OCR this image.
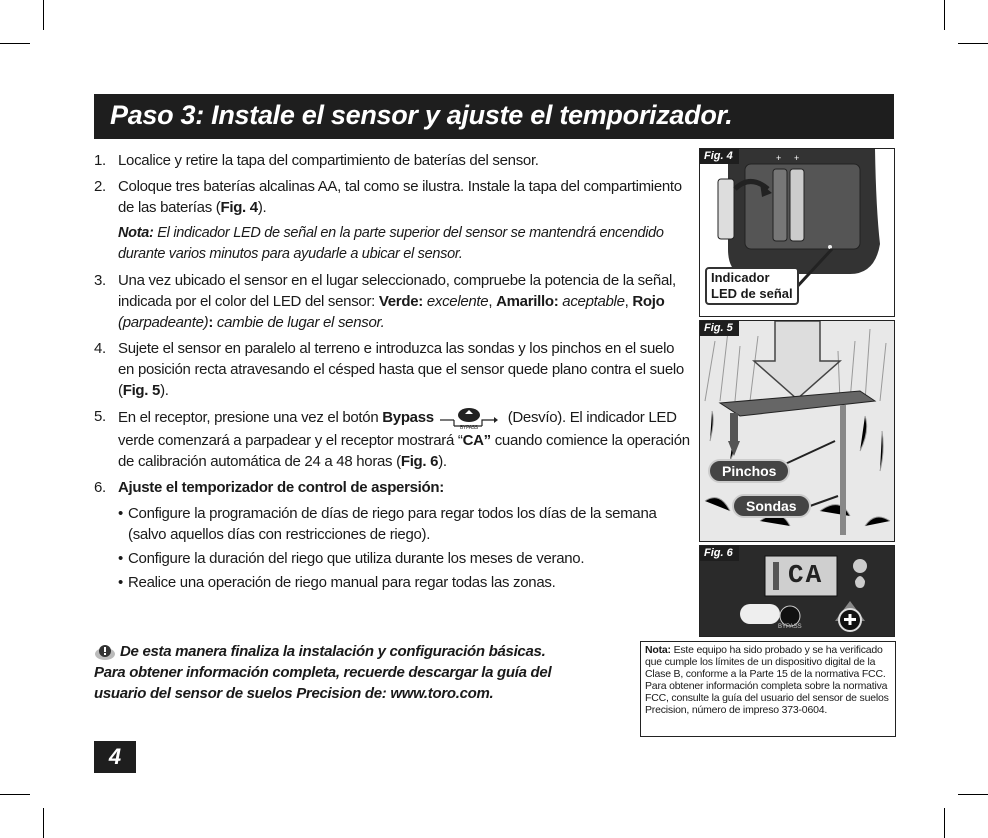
Paso 3: Instale el sensor y ajuste el temporizador.
1. Localice y retire la tapa del compartimiento de baterías del sensor.
2. Coloque tres baterías alcalinas AA, tal como se ilustra. Instale la tapa del compartimiento de las baterías (Fig. 4).
Nota: El indicador LED de señal en la parte superior del sensor se mantendrá encendido durante varios minutos para ayudarle a ubicar el sensor.
3. Una vez ubicado el sensor en el lugar seleccionado, compruebe la potencia de la señal, indicada por el color del LED del sensor: Verde: excelente, Amarillo: aceptable, Rojo (parpadeante): cambie de lugar el sensor.
4. Sujete el sensor en paralelo al terreno e introduzca las sondas y los pinchos en el suelo en posición recta atravesando el césped hasta que el sensor quede plano contra el suelo (Fig. 5).
5. En el receptor, presione una vez el botón Bypass
BYPASS
(Desvío). El indicador LED verde comenzará a parpadear y el receptor mostrará “CA” cuando comience la operación de calibración automática de 24 a 48 horas (Fig. 6).
6. Ajuste el temporizador de control de aspersión:
• Configure la programación de días de riego para regar todos los días de la semana (salvo aquellos días con restricciones de riego).
• Configure la duración del riego que utiliza durante los meses de verano.
• Realice una operación de riego manual para regar todas las zonas.
De esta manera finaliza la instalación y configuración básicas.
Para obtener información completa, recuerde descargar la guía del
usuario del sensor de suelos Precision de: www.toro.com.
4
Fig. 4	+ +
Indicador
LED de señal
Fig. 5
Pinchos
Sondas
Fig. 6
CA
BYPASS
Nota: Este equipo ha sido probado y se ha verificado que cumple los límites de un dispositivo digital de la Clase B, conforme a la Parte 15 de la normativa FCC. Para obtener información completa sobre la normativa FCC, consulte la guía del usuario del sensor de suelos Precision, número de impreso 373-0604.
